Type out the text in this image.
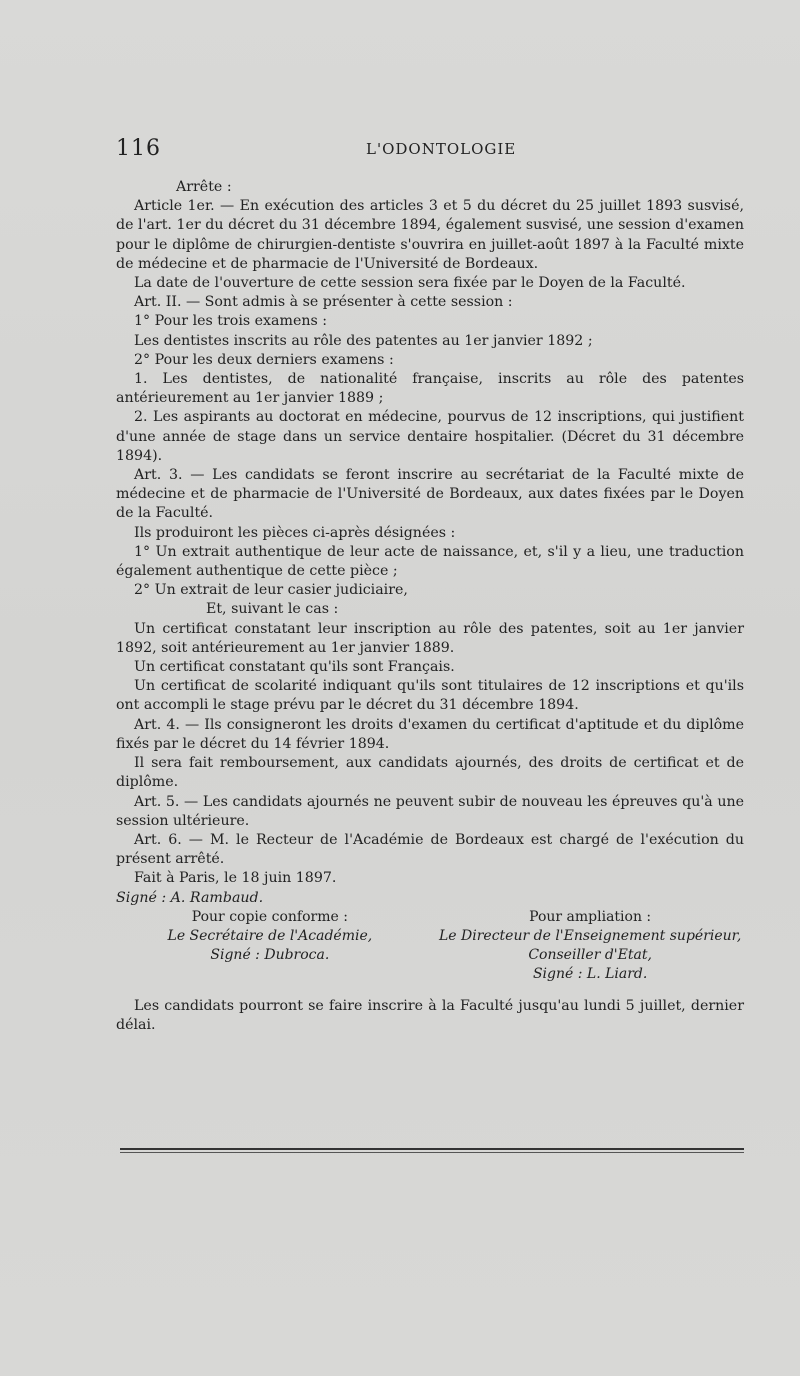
116	L'ODONTOLOGIE

Arrête :

Article 1er. — En exécution des articles 3 et 5 du décret du 25 juillet 1893 susvisé, de l'art. 1er du décret du 31 décembre 1894, également susvisé, une session d'examen pour le diplôme de chirurgien-dentiste s'ouvrira en juillet-août 1897 à la Faculté mixte de médecine et de pharmacie de l'Université de Bordeaux.

La date de l'ouverture de cette session sera fixée par le Doyen de la Faculté.

Art. II. — Sont admis à se présenter à cette session :

1° Pour les trois examens :

Les dentistes inscrits au rôle des patentes au 1er janvier 1892 ;

2° Pour les deux derniers examens :

1. Les dentistes, de nationalité française, inscrits au rôle des patentes antérieurement au 1er janvier 1889 ;

2. Les aspirants au doctorat en médecine, pourvus de 12 inscriptions, qui justifient d'une année de stage dans un service dentaire hospitalier. (Décret du 31 décembre 1894).

Art. 3. — Les candidats se feront inscrire au secrétariat de la Faculté mixte de médecine et de pharmacie de l'Université de Bordeaux, aux dates fixées par le Doyen de la Faculté.

Ils produiront les pièces ci-après désignées :

1° Un extrait authentique de leur acte de naissance, et, s'il y a lieu, une traduction également authentique de cette pièce ;

2° Un extrait de leur casier judiciaire,

Et, suivant le cas :

Un certificat constatant leur inscription au rôle des patentes, soit au 1er janvier 1892, soit antérieurement au 1er janvier 1889.

Un certificat constatant qu'ils sont Français.

Un certificat de scolarité indiquant qu'ils sont titulaires de 12 inscriptions et qu'ils ont accompli le stage prévu par le décret du 31 décembre 1894.

Art. 4. — Ils consigneront les droits d'examen du certificat d'aptitude et du diplôme fixés par le décret du 14 février 1894.

Il sera fait remboursement, aux candidats ajournés, des droits de certificat et de diplôme.

Art. 5. — Les candidats ajournés ne peuvent subir de nouveau les épreuves qu'à une session ultérieure.

Art. 6. — M. le Recteur de l'Académie de Bordeaux est chargé de l'exécution du présent arrêté.

Fait à Paris, le 18 juin 1897.

Signé : A. Rambaud.

Pour copie conforme :
Le Secrétaire de l'Académie,
Signé : Dubroca.
Pour ampliation :
Le Directeur de l'Enseignement supérieur,
Conseiller d'Etat,
Signé : L. Liard.

Les candidats pourront se faire inscrire à la Faculté jusqu'au lundi 5 juillet, dernier délai.
